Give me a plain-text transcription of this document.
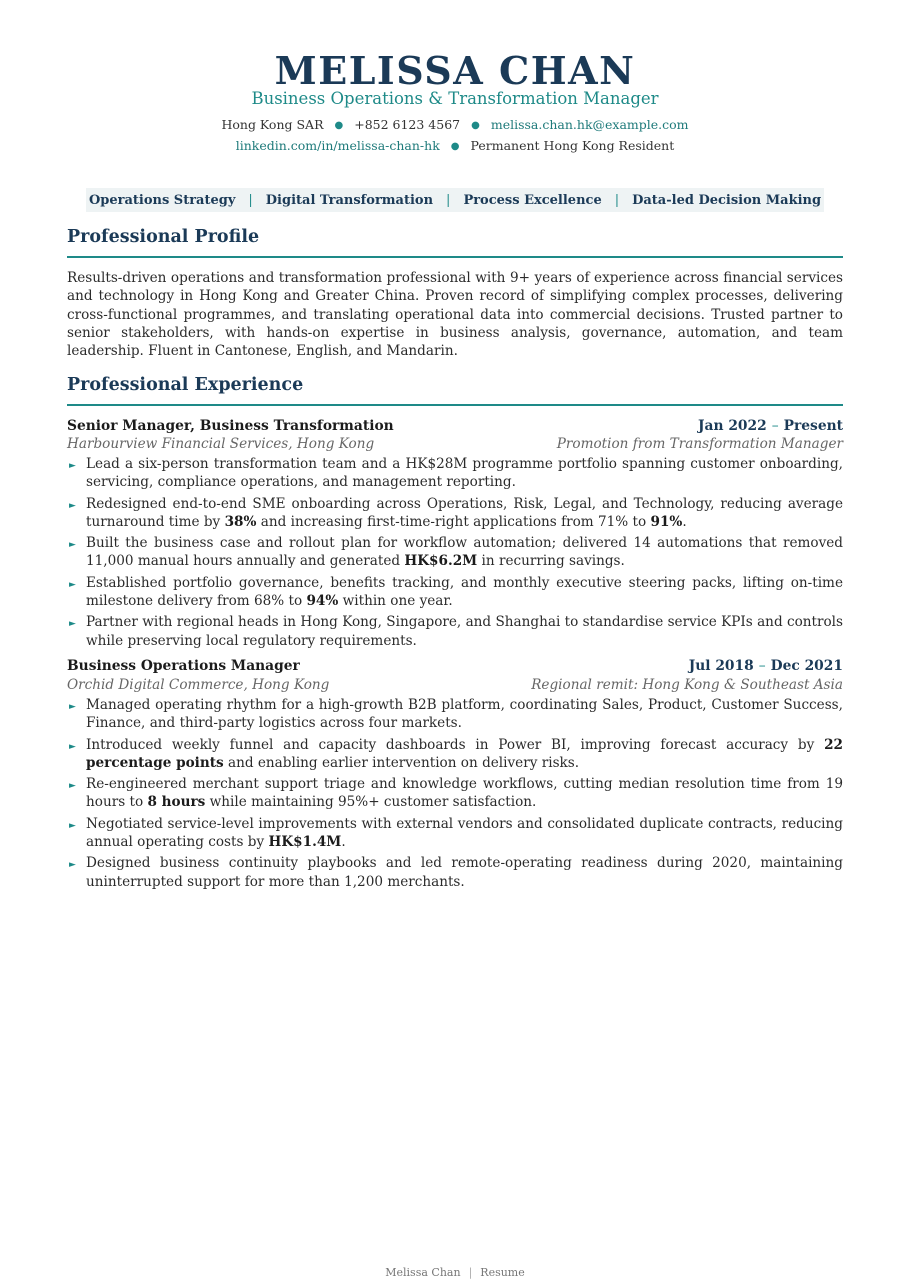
MELISSA CHAN
Business Operations & Transformation Manager
Hong Kong SAR ● +852 6123 4567 ● melissa.chan.hk@example.com
linkedin.com/in/melissa-chan-hk ● Permanent Hong Kong Resident
Operations Strategy | Digital Transformation | Process Excellence | Data-led Decision Making
Professional Profile
Results-driven operations and transformation professional with 9+ years of experience across financial services and technology in Hong Kong and Greater China. Proven record of simplifying complex processes, delivering cross-functional programmes, and translating operational data into commercial decisions. Trusted partner to senior stakeholders, with hands-on expertise in business analysis, governance, automation, and team leadership. Fluent in Cantonese, English, and Mandarin.
Professional Experience
Senior Manager, Business Transformation	Jan 2022 – Present
Harbourview Financial Services, Hong Kong	Promotion from Transformation Manager
► Lead a six-person transformation team and a HK$28M programme portfolio spanning customer onboarding, servicing, compliance operations, and management reporting.
► Redesigned end-to-end SME onboarding across Operations, Risk, Legal, and Technology, reducing average turnaround time by 38% and increasing first-time-right applications from 71% to 91%.
► Built the business case and rollout plan for workflow automation; delivered 14 automations that removed 11,000 manual hours annually and generated HK$6.2M in recurring savings.
► Established portfolio governance, benefits tracking, and monthly executive steering packs, lifting on-time milestone delivery from 68% to 94% within one year.
► Partner with regional heads in Hong Kong, Singapore, and Shanghai to standardise service KPIs and controls while preserving local regulatory requirements.
Business Operations Manager	Jul 2018 – Dec 2021
Orchid Digital Commerce, Hong Kong	Regional remit: Hong Kong & Southeast Asia
► Managed operating rhythm for a high-growth B2B platform, coordinating Sales, Product, Customer Success, Finance, and third-party logistics across four markets.
► Introduced weekly funnel and capacity dashboards in Power BI, improving forecast accuracy by 22 percentage points and enabling earlier intervention on delivery risks.
► Re-engineered merchant support triage and knowledge workflows, cutting median resolution time from 19 hours to 8 hours while maintaining 95%+ customer satisfaction.
► Negotiated service-level improvements with external vendors and consolidated duplicate contracts, reducing annual operating costs by HK$1.4M.
► Designed business continuity playbooks and led remote-operating readiness during 2020, maintaining uninterrupted support for more than 1,200 merchants.
Melissa Chan | Resume
